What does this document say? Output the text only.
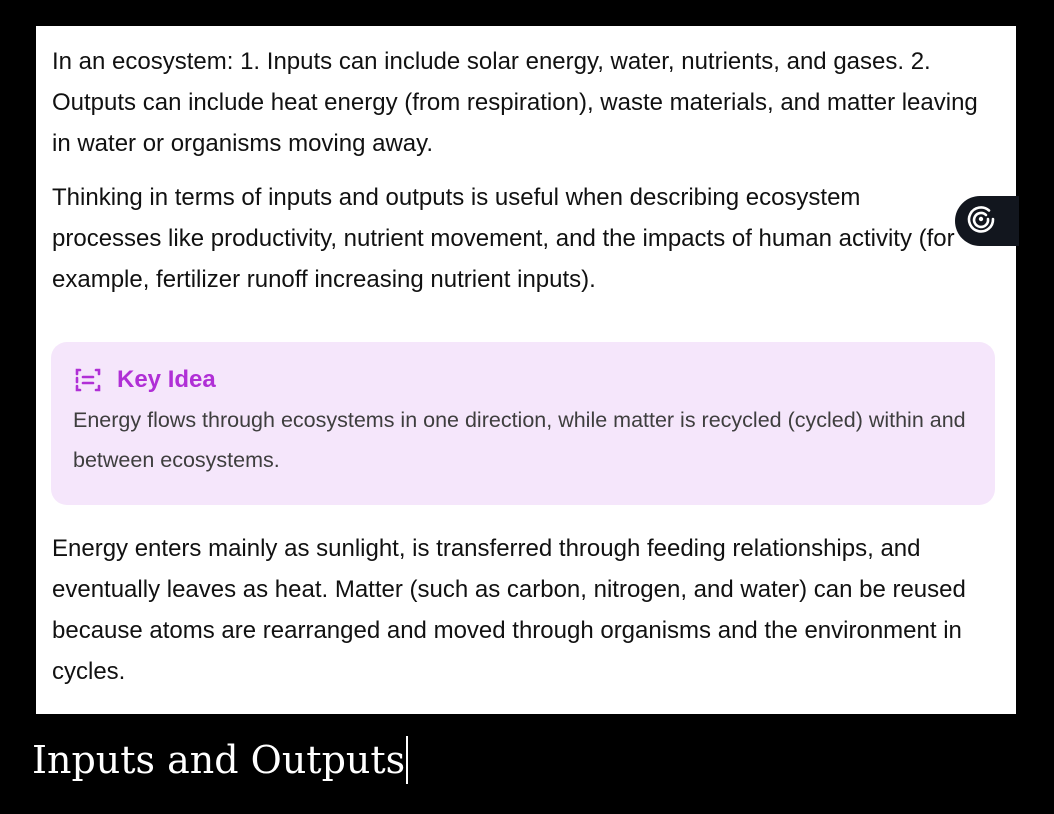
In an ecosystem: 1. Inputs can include solar energy, water, nutrients, and gases. 2. Outputs can include heat energy (from respiration), waste materials, and matter leaving in water or organisms moving away.

Thinking in terms of inputs and outputs is useful when describing ecosystem processes like productivity, nutrient movement, and the impacts of human activity (for example, fertilizer runoff increasing nutrient inputs).

Key Idea

Energy flows through ecosystems in one direction, while matter is recycled (cycled) within and between ecosystems.

Energy enters mainly as sunlight, is transferred through feeding relationships, and eventually leaves as heat. Matter (such as carbon, nitrogen, and water) can be reused because atoms are rearranged and moved through organisms and the environment in cycles.

Inputs and Outputs
